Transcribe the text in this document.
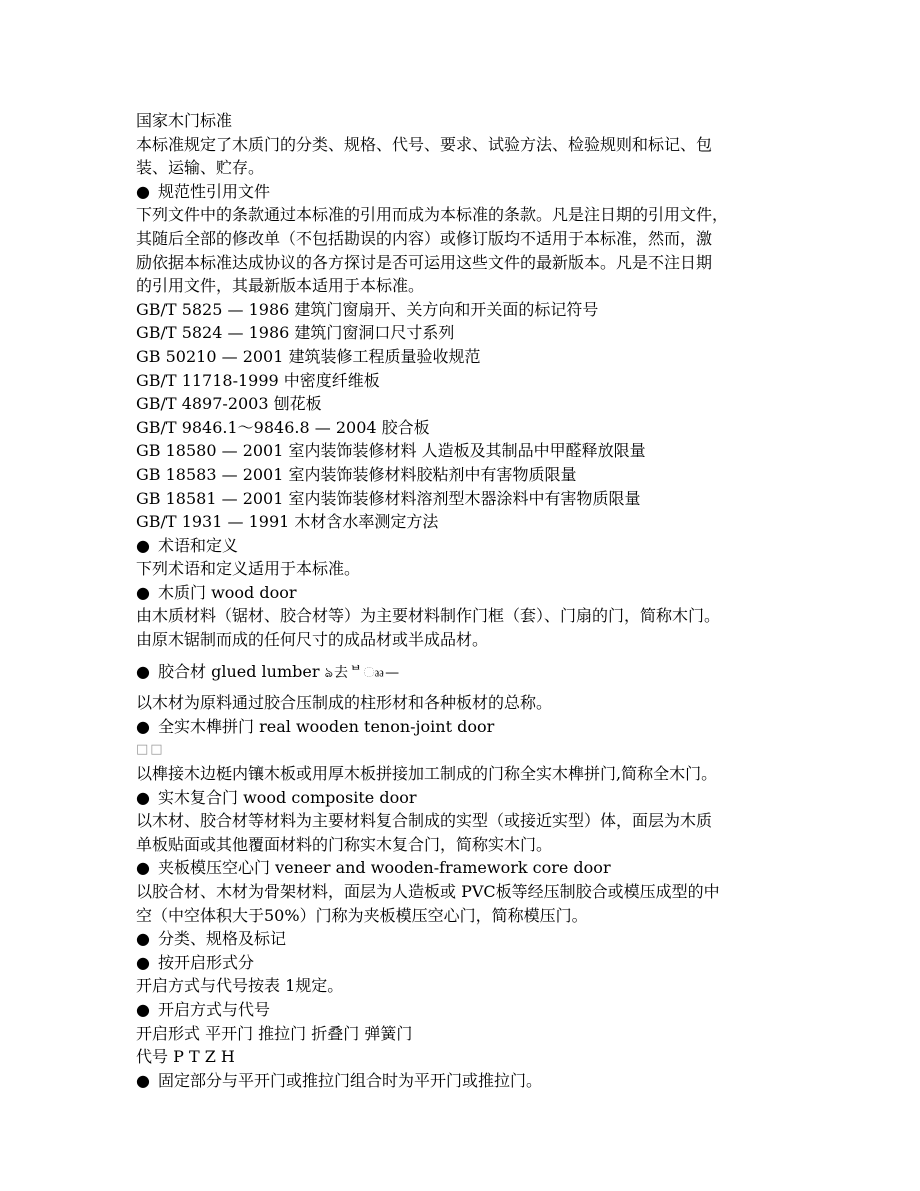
国家木门标准
本标准规定了木质门的分类、规格、代号、要求、试验方法、检验规则和标记、包
装、运输、贮存。
● 规范性引用文件
下列文件中的条款通过本标准的引用而成为本标准的条款。凡是注日期的引用文件，
其随后全部的修改单（不包括勘误的内容）或修订版均不适用于本标准，然而，激
励依据本标准达成协议的各方探讨是否可运用这些文件的最新版本。凡是不注日期
的引用文件，其最新版本适用于本标准。
GB/T 5825 — 1986 建筑门窗扇开、关方向和开关面的标记符号
GB/T 5824 — 1986 建筑门窗洞口尺寸系列
GB 50210 — 2001 建筑装修工程质量验收规范
GB/T 11718-1999 中密度纤维板
GB/T 4897-2003 刨花板
GB/T 9846.1～9846.8 — 2004 胶合板
GB 18580 — 2001 室内装饰装修材料 人造板及其制品中甲醛释放限量
GB 18583 — 2001 室内装饰装修材料胶粘剂中有害物质限量
GB 18581 — 2001 室内装饰装修材料溶剂型木器涂料中有害物质限量
GB/T 1931 — 1991 木材含水率测定方法
● 术语和定义
下列术语和定义适用于本标准。
● 木质门 wood door
由木质材料（锯材、胶合材等）为主要材料制作门框（套）、门扇的门，简称木门。
由原木锯制而成的任何尺寸的成品材或半成品材。
● 胶合材 glued lumber ঌ去ᄇෲ—
以木材为原料通过胶合压制成的柱形材和各种板材的总称。
● 全实木榫拼门 real wooden tenon-joint door
□□
以榫接木边梃内镶木板或用厚木板拼接加工制成的门称全实木榫拼门,简称全木门。
● 实木复合门 wood composite door
以木材、胶合材等材料为主要材料复合制成的实型（或接近实型）体，面层为木质
单板贴面或其他覆面材料的门称实木复合门，简称实木门。
● 夹板模压空心门 veneer and wooden-framework core door
以胶合材、木材为骨架材料，面层为人造板或 PVC板等经压制胶合或模压成型的中
空（中空体积大于50%）门称为夹板模压空心门，简称模压门。
● 分类、规格及标记
● 按开启形式分
开启方式与代号按表 1规定。
● 开启方式与代号
开启形式 平开门 推拉门 折叠门 弹簧门
代号 P T Z H
● 固定部分与平开门或推拉门组合时为平开门或推拉门。
